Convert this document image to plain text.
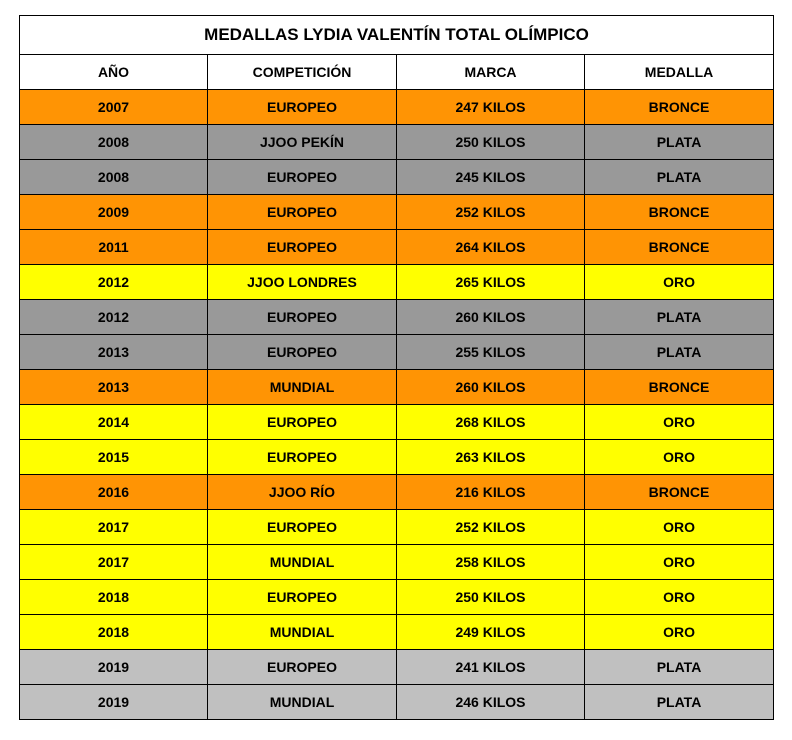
MEDALLAS LYDIA VALENTÍN TOTAL OLÍMPICO			
AÑO	COMPETICIÓN	MARCA	MEDALLA
2007	EUROPEO	247 KILOS	BRONCE
2008	JJOO PEKÍN	250 KILOS	PLATA
2008	EUROPEO	245 KILOS	PLATA
2009	EUROPEO	252 KILOS	BRONCE
2011	EUROPEO	264 KILOS	BRONCE
2012	JJOO LONDRES	265 KILOS	ORO
2012	EUROPEO	260 KILOS	PLATA
2013	EUROPEO	255 KILOS	PLATA
2013	MUNDIAL	260 KILOS	BRONCE
2014	EUROPEO	268 KILOS	ORO
2015	EUROPEO	263 KILOS	ORO
2016	JJOO RÍO	216 KILOS	BRONCE
2017	EUROPEO	252 KILOS	ORO
2017	MUNDIAL	258 KILOS	ORO
2018	EUROPEO	250 KILOS	ORO
2018	MUNDIAL	249 KILOS	ORO
2019	EUROPEO	241 KILOS	PLATA
2019	MUNDIAL	246 KILOS	PLATA
